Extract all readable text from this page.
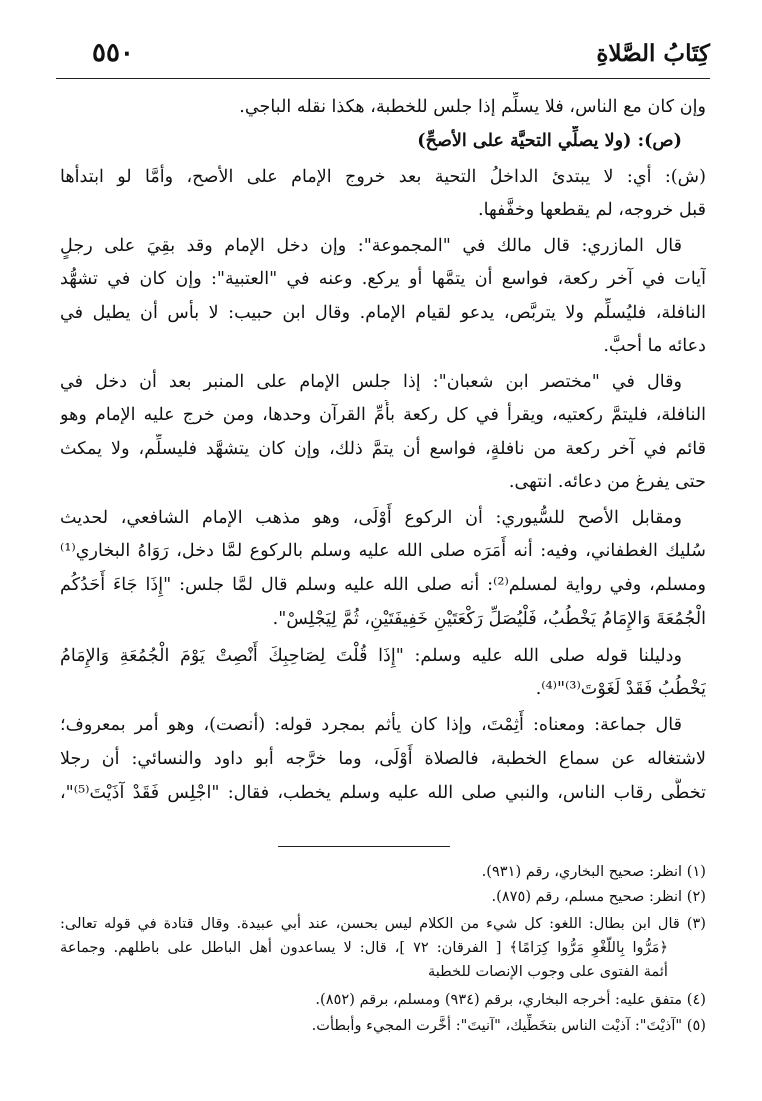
كِتَابُ الصَّلاةِ
٥٥٠
وإن كان مع الناس، فلا يسلِّم إذا جلس للخطبة، هكذا نقله الباجي.
(ص): (ولا يصلِّي التحيَّة على الأصحِّ)
(ش): أي: لا يبتدئ الداخلُ التحية بعد خروج الإمام على الأصح، وأمَّا لو ابتدأها
قبل خروجه، لم يقطعها وخفَّفها.
قال المازري: قال مالك في "المجموعة": وإن دخل الإمام وقد بقِيَ على رجلٍ
آيات في آخر ركعة، فواسع أن يتمَّها أو يركع. وعنه في "العتبية": وإن كان في تشهُّد
النافلة، فليُسلِّم ولا يتربَّص، يدعو لقيام الإمام. وقال ابن حبيب: لا بأس أن يطيل في
دعائه ما أحبَّ.
وقال في "مختصر ابن شعبان": إذا جلس الإمام على المنبر بعد أن دخل في
النافلة، فليتمَّ ركعتيه، ويقرأ في كل ركعة بأُمِّ القرآن وحدها، ومن خرج عليه الإمام وهو
قائم في آخر ركعة من نافلةٍ، فواسع أن يتمَّ ذلك، وإن كان يتشهَّد فليسلِّم، ولا يمكث
حتى يفرغ من دعائه. انتهى.
ومقابل الأصح للسُّيوري: أن الركوع أَوْلَى، وهو مذهب الإمام الشافعي، لحديث
سُليك الغطفاني، وفيه: أنه أَمَرَه صلى الله عليه وسلم بالركوع لمَّا دخل، رَوَاهُ البخاري⁽¹⁾
ومسلم، وفي رواية لمسلم⁽²⁾: أنه صلى الله عليه وسلم قال لمَّا جلس: "إِذَا جَاءَ أَحَدُكُم
الْجُمُعَةَ وَالإِمَامُ يَخْطُبُ، فَلْيُصَلِّ رَكْعَتَيْنِ خَفِيفَتَيْنِ، ثُمَّ لِيَجْلِسْ".
ودليلنا قوله صلى الله عليه وسلم: "إِذَا قُلْتَ لِصَاحِبِكَ أَنْصِتْ يَوْمَ الْجُمُعَةِ وَالإِمَامُ
يَخْطُبُ فَقَدْ لَغَوْتَ⁽³⁾"⁽⁴⁾.
قال جماعة: ومعناه: أَثِمْتَ، وإذا كان يأثم بمجرد قوله: (أنصت)، وهو أمر بمعروف؛
لاشتغاله عن سماع الخطبة، فالصلاة أَوْلَى، وما خرَّجه أبو داود والنسائي: أن رجلا
تخطَّى رقاب الناس، والنبي صلى الله عليه وسلم يخطب، فقال: "اجْلِس فَقَدْ آذَيْتَ⁽⁵⁾"،
(١) انظر: صحيح البخاري، رقم (٩٣١).
(٢) انظر: صحيح مسلم، رقم (٨٧٥).
(٣) قال ابن بطال: اللغو: كل شيء من الكلام ليس بحسن، عند أبي عبيدة. وقال قتادة في قوله تعالى:
﴿مَرُّوا بِاللَّغْوِ مَرُّوا كِرَامًا﴾ [ الفرقان: ٧٢ ]، قال: لا يساعدون أهل الباطل على باطلهم. وجماعة
أئمة الفتوى على وجوب الإنصات للخطبة
(٤) متفق عليه: أخرجه البخاري، برقم (٩٣٤) ومسلم، برقم (٨٥٢).
(٥) "آذيْتَ": آذيْت الناس بتخَطِّيك، "آنيتَ": أخَّرت المجيء وأبطأت.
